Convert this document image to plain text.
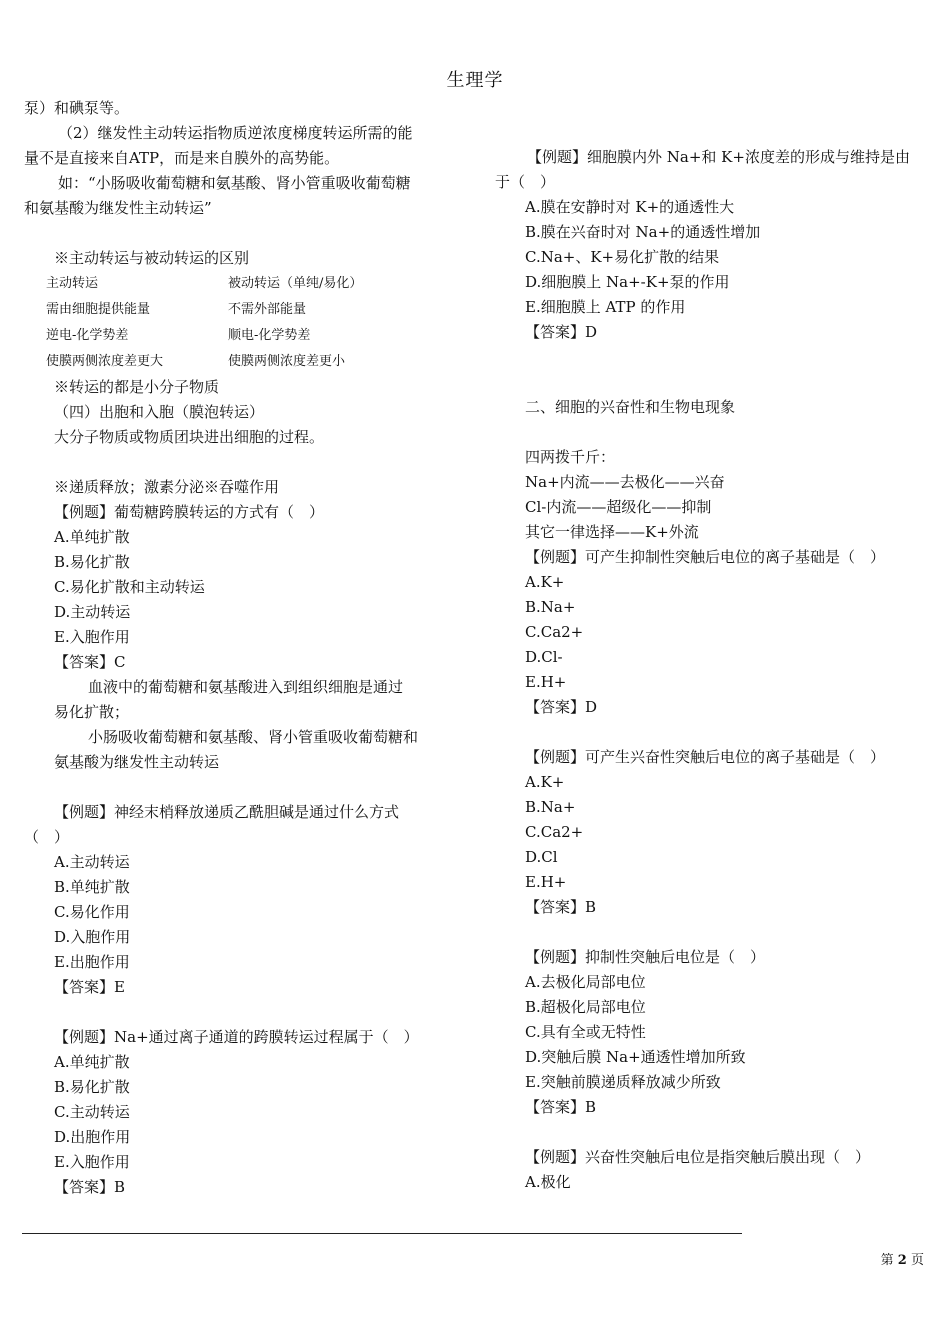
生理学
泵）和碘泵等。
（2）继发性主动转运指物质逆浓度梯度转运所需的能
量不是直接来自ATP，而是来自膜外的高势能。
如：“小肠吸收葡萄糖和氨基酸、肾小管重吸收葡萄糖
和氨基酸为继发性主动转运”
※主动转运与被动转运的区别
主动转运	被动转运（单纯/易化）
需由细胞提供能量	不需外部能量
逆电-化学势差	顺电-化学势差
使膜两侧浓度差更大	使膜两侧浓度差更小
※转运的都是小分子物质
（四）出胞和入胞（膜泡转运）
大分子物质或物质团块进出细胞的过程。
※递质释放；激素分泌※吞噬作用
【例题】葡萄糖跨膜转运的方式有（　）
A.单纯扩散
B.易化扩散
C.易化扩散和主动转运
D.主动转运
E.入胞作用
【答案】C
血液中的葡萄糖和氨基酸进入到组织细胞是通过
易化扩散；
小肠吸收葡萄糖和氨基酸、肾小管重吸收葡萄糖和
氨基酸为继发性主动转运
【例题】神经末梢释放递质乙酰胆碱是通过什么方式
（　）
A.主动转运
B.单纯扩散
C.易化作用
D.入胞作用
E.出胞作用
【答案】E
【例题】Na+通过离子通道的跨膜转运过程属于（　）
A.单纯扩散
B.易化扩散
C.主动转运
D.出胞作用
E.入胞作用
【答案】B
【例题】细胞膜内外 Na+和 K+浓度差的形成与维持是由
于（　）
A.膜在安静时对 K+的通透性大
B.膜在兴奋时对 Na+的通透性增加
C.Na+、K+易化扩散的结果
D.细胞膜上 Na+-K+泵的作用
E.细胞膜上 ATP 的作用
【答案】D
二、细胞的兴奋性和生物电现象
四两拨千斤：
Na+内流——去极化——兴奋
Cl-内流——超级化——抑制
其它一律选择——K+外流
【例题】可产生抑制性突触后电位的离子基础是（　）
A.K+
B.Na+
C.Ca2+
D.Cl-
E.H+
【答案】D
【例题】可产生兴奋性突触后电位的离子基础是（　）
A.K+
B.Na+
C.Ca2+
D.Cl
E.H+
【答案】B
【例题】抑制性突触后电位是（　）
A.去极化局部电位
B.超极化局部电位
C.具有全或无特性
D.突触后膜 Na+通透性增加所致
E.突触前膜递质释放减少所致
【答案】B
【例题】兴奋性突触后电位是指突触后膜出现（　）
A.极化
第 2 页
